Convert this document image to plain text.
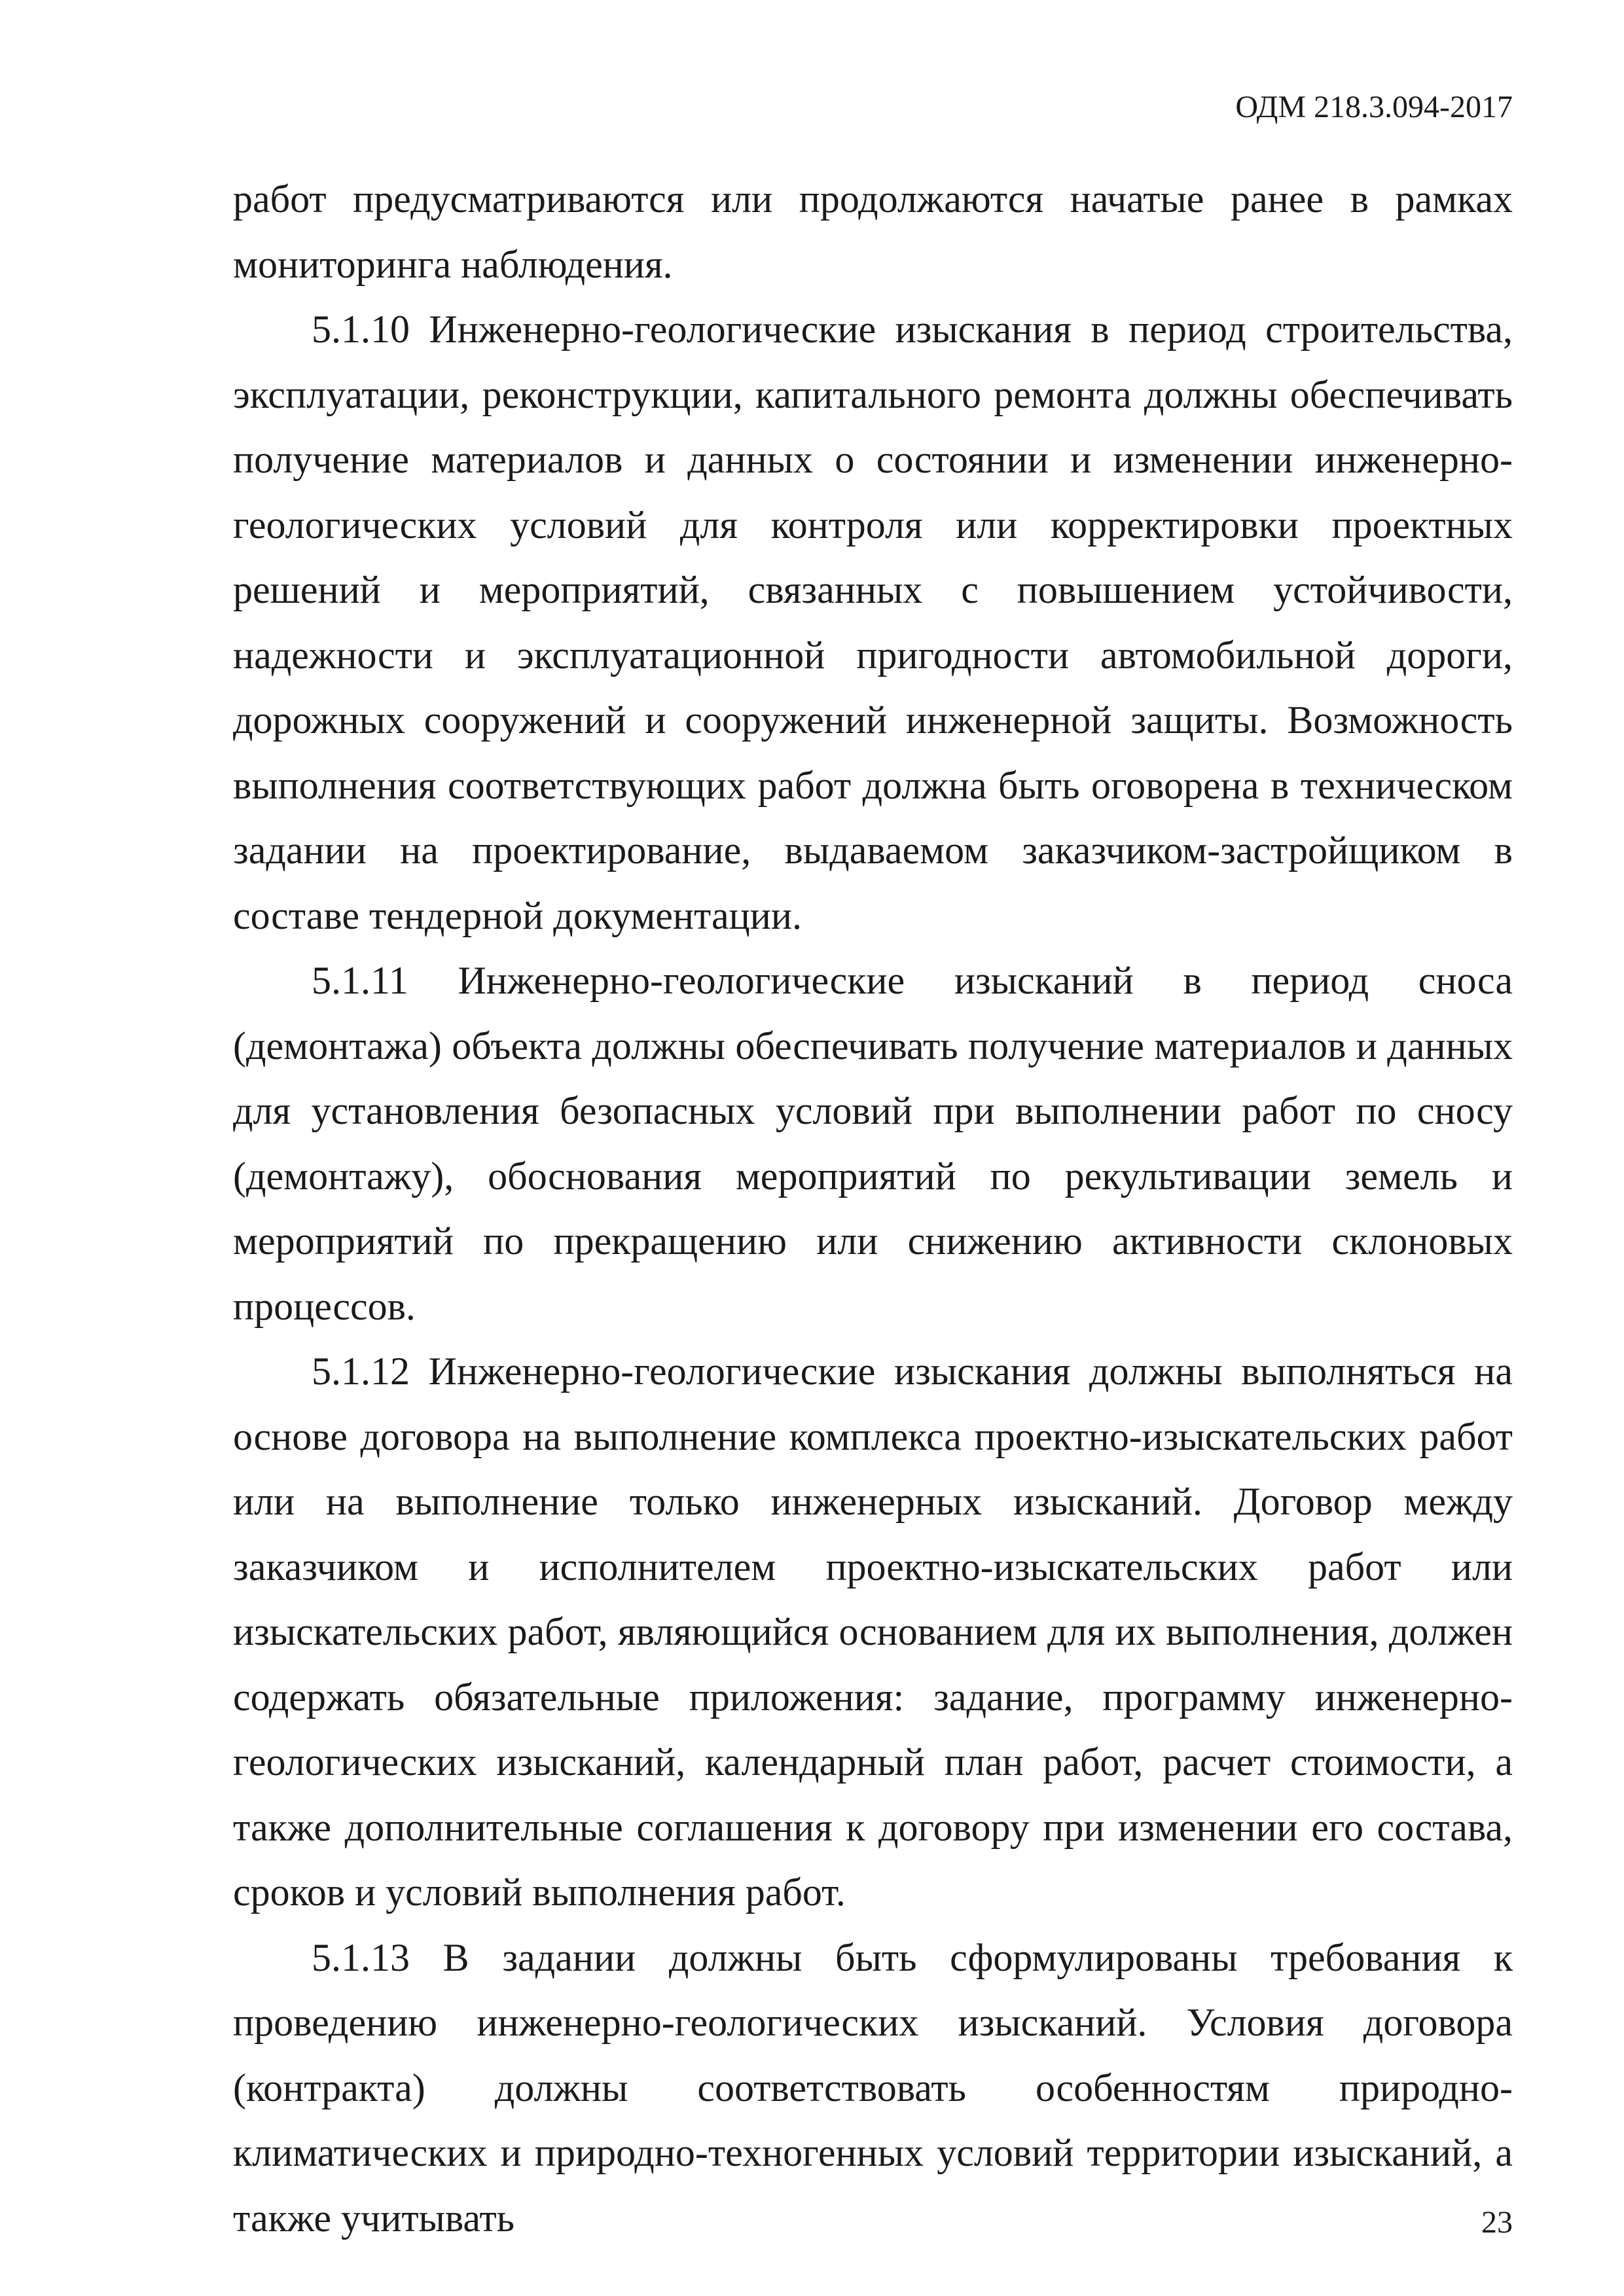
ОДМ 218.3.094-2017

работ предусматриваются или продолжаются начатые ранее в рамках мониторинга наблюдения.

5.1.10 Инженерно-геологические изыскания в период строительства, эксплуатации, реконструкции, капитального ремонта должны обеспечивать получение материалов и данных о состоянии и изменении инженерно-геологических условий для контроля или корректировки проектных решений и мероприятий, связанных с повышением устойчивости, надежности и эксплуатационной пригодности автомобильной дороги, дорожных сооружений и сооружений инженерной защиты. Возможность выполнения соответствующих работ должна быть оговорена в техническом задании на проектирование, выдаваемом заказчиком-застройщиком в составе тендерной документации.

5.1.11 Инженерно-геологические изысканий в период сноса (демонтажа) объекта должны обеспечивать получение материалов и данных для установления безопасных условий при выполнении работ по сносу (демонтажу), обоснования мероприятий по рекультивации земель и мероприятий по прекращению или снижению активности склоновых процессов.

5.1.12 Инженерно-геологические изыскания должны выполняться на основе договора на выполнение комплекса проектно-изыскательских работ или на выполнение только инженерных изысканий. Договор между заказчиком и исполнителем проектно-изыскательских работ или изыскательских работ, являющийся основанием для их выполнения, должен содержать обязательные приложения: задание, программу инженерно-геологических изысканий, календарный план работ, расчет стоимости, а также дополнительные соглашения к договору при изменении его состава, сроков и условий выполнения работ.

5.1.13 В задании должны быть сформулированы требования к проведению инженерно-геологических изысканий. Условия договора (контракта) должны соответствовать особенностям природно-климатических и природно-техногенных условий территории изысканий, а также учитывать	23
